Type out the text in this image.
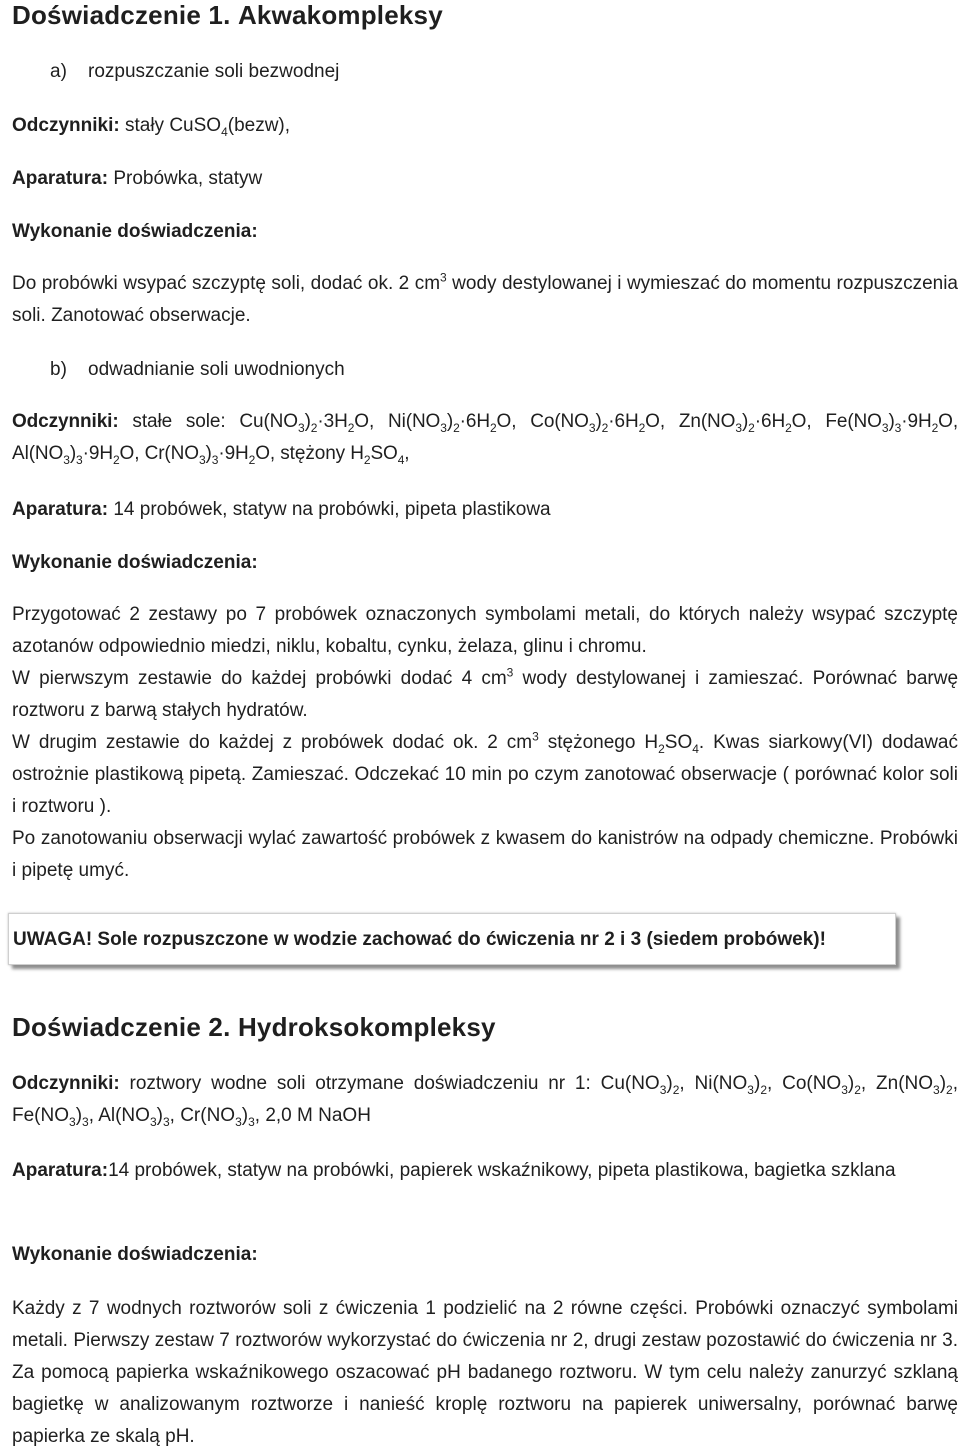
Doświadczenie 1. Akwakompleksy
a) rozpuszczanie soli bezwodnej
Odczynniki: stały CuSO$_4$(bezw),
Aparatura: Probówka, statyw
Wykonanie doświadczenia:
Do probówki wsypać szczyptę soli, dodać ok. 2 $cm^3$ wody destylowanej i wymieszać do momentu rozpuszczenia soli. Zanotować obserwacje.
b) odwadnianie soli uwodnionych
Odczynniki: stałe sole: $Cu(NO_3)_2\cdot 3H_2O$, $Ni(NO_3)_2\cdot 6H_2O$, $Co(NO_3)_2\cdot 6H_2O$, $Zn(NO_3)_2\cdot 6H_2O$, $Fe(NO_3)_3\cdot 9H_2O$, $Al(NO_3)_3\cdot 9H_2O$, $Cr(NO_3)_3\cdot 9H_2O$, stężony $H_2SO_4$,
Aparatura: 14 probówek, statyw na probówki, pipeta plastikowa
Wykonanie doświadczenia:
Przygotować 2 zestawy po 7 probówek oznaczonych symbolami metali, do których należy wsypać szczyptę azotanów odpowiednio miedzi, niklu, kobaltu, cynku, żelaza, glinu i chromu.
W pierwszym zestawie do każdej probówki dodać 4 $cm^3$ wody destylowanej i zamieszać. Porównać barwę roztworu z barwą stałych hydratów.
W drugim zestawie do każdej z probówek dodać ok. 2 $cm^3$ stężonego $H_2SO_4$. Kwas siarkowy(VI) dodawać ostrożnie plastikową pipetą. Zamieszać. Odczekać 10 min po czym zanotować obserwacje ( porównać kolor soli i roztworu ).
Po zanotowaniu obserwacji wylać zawartość probówek z kwasem do kanistrów na odpady chemiczne. Probówki i pipetę umyć.
UWAGA! Sole rozpuszczone w wodzie zachować do ćwiczenia nr 2 i 3 (siedem probówek)!
Doświadczenie 2. Hydroksokompleksy
Odczynniki: roztwory wodne soli otrzymane doświadczeniu nr 1: $Cu(NO_3)_2$, $Ni(NO_3)_2$, $Co(NO_3)_2$, $Zn(NO_3)_2$, $Fe(NO_3)_3$, $Al(NO_3)_3$, $Cr(NO_3)_3$, 2,0 M NaOH
Aparatura:14 probówek, statyw na probówki, papierek wskaźnikowy, pipeta plastikowa, bagietka szklana
Wykonanie doświadczenia:
Każdy z 7 wodnych roztworów soli z ćwiczenia 1 podzielić na 2 równe części. Probówki oznaczyć symbolami metali. Pierwszy zestaw 7 roztworów wykorzystać do ćwiczenia nr 2, drugi zestaw pozostawić do ćwiczenia nr 3. Za pomocą papierka wskaźnikowego oszacować pH badanego roztworu. W tym celu należy zanurzyć szklaną bagietkę w analizowanym roztworze i nanieść kroplę roztworu na papierek uniwersalny, porównać barwę papierka ze skalą pH.
